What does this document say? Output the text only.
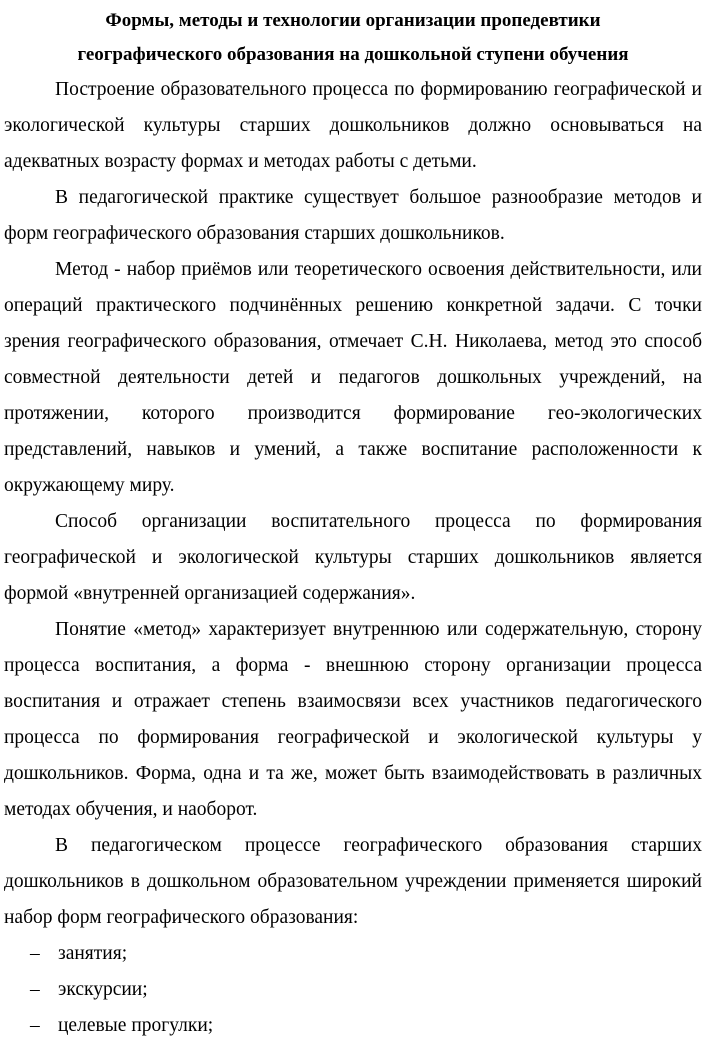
Формы, методы и технологии организации пропедевтики
географического образования на дошкольной ступени обучения

Построение образовательного процесса по формированию географической и экологической культуры старших дошкольников должно основываться на адекватных возрасту формах и методах работы с детьми.

В педагогической практике существует большое разнообразие методов и форм географического образования старших дошкольников.

Метод - набор приёмов или теоретического освоения действительности, или операций практического подчинённых решению конкретной задачи. С точки зрения географического образования, отмечает С.Н. Николаева, метод это способ совместной деятельности детей и педагогов дошкольных учреждений, на протяжении, которого производится формирование гео-экологических представлений, навыков и умений, а также воспитание расположенности к окружающему миру.

Способ организации воспитательного процесса по формирования географической и экологической культуры старших дошкольников является формой «внутренней организацией содержания».

Понятие «метод» характеризует внутреннюю или содержательную, сторону процесса воспитания, а форма - внешнюю сторону организации процесса воспитания и отражает степень взаимосвязи всех участников педагогического процесса по формирования географической и экологической культуры у дошкольников. Форма, одна и та же, может быть взаимодействовать в различных методах обучения, и наоборот.

В педагогическом процессе географического образования старших дошкольников в дошкольном образовательном учреждении применяется широкий набор форм географического образования:

– занятия;
– экскурсии;
– целевые прогулки;
